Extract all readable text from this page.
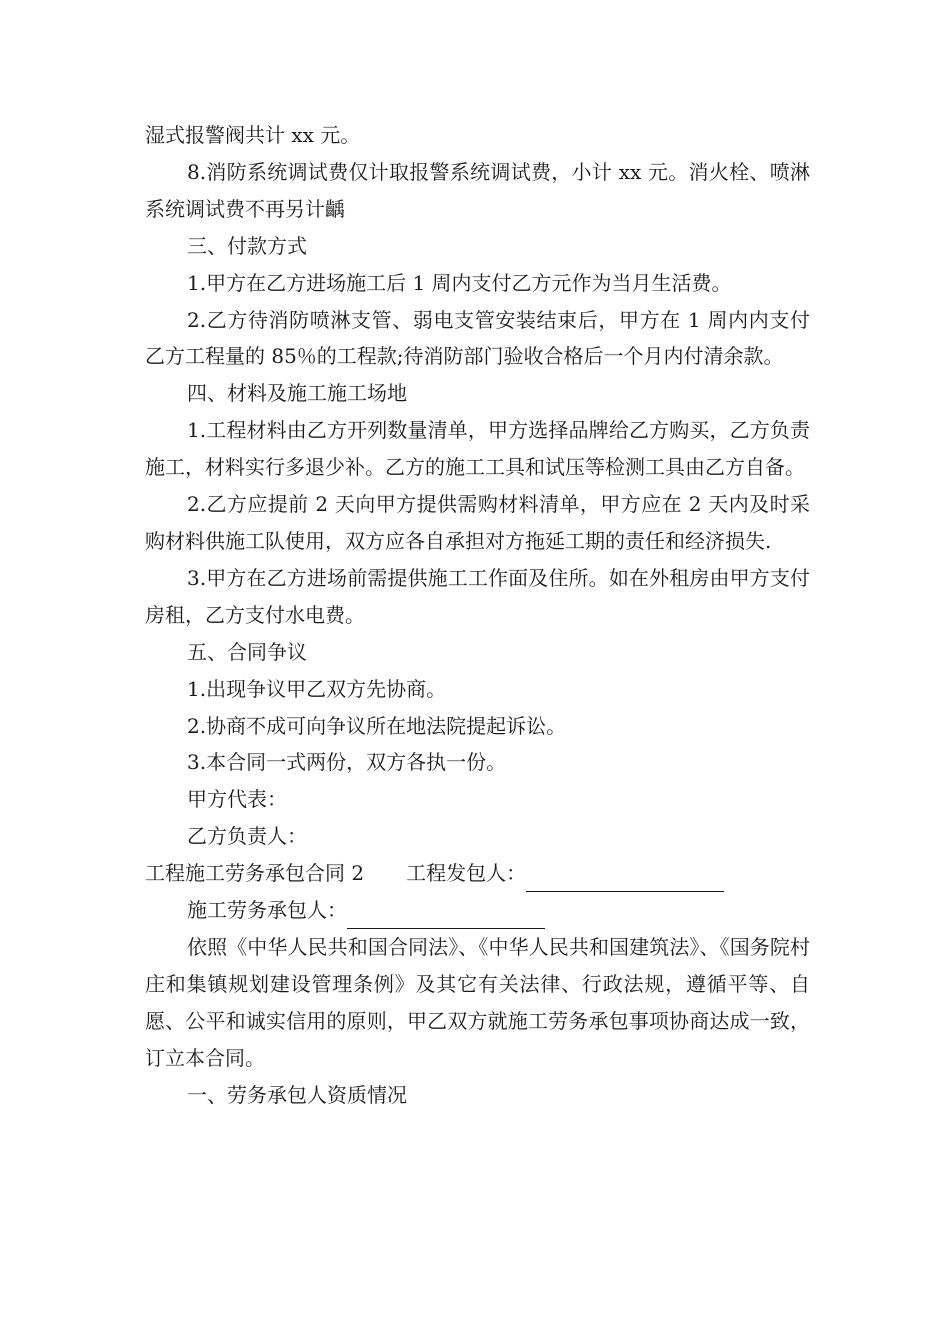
湿式报警阀共计 xx 元。

8.消防系统调试费仅计取报警系统调试费，小计 xx 元。消火栓、喷淋系统调试费不再另计齲

三、付款方式

1.甲方在乙方进场施工后 1 周内支付乙方元作为当月生活费。

2.乙方待消防喷淋支管、弱电支管安装结束后，甲方在 1 周内内支付乙方工程量的 85％的工程款;待消防部门验收合格后一个月内付清余款。

四、材料及施工施工场地

1.工程材料由乙方开列数量清单，甲方选择品牌给乙方购买，乙方负责施工，材料实行多退少补。乙方的施工工具和试压等检测工具由乙方自备。

2.乙方应提前 2 天向甲方提供需购材料清单，甲方应在 2 天内及时采购材料供施工队使用，双方应各自承担对方拖延工期的责任和经济损失.

3.甲方在乙方进场前需提供施工工作面及住所。如在外租房由甲方支付房租，乙方支付水电费。

五、合同争议

1.出现争议甲乙双方先协商。

2.协商不成可向争议所在地法院提起诉讼。

3.本合同一式两份，双方各执一份。

甲方代表：

乙方负责人：

工程施工劳务承包合同 2 工程发包人：

施工劳务承包人：

依照《中华人民共和国合同法》、《中华人民共和国建筑法》、《国务院村庄和集镇规划建设管理条例》及其它有关法律、行政法规，遵循平等、自愿、公平和诚实信用的原则，甲乙双方就施工劳务承包事项协商达成一致，订立本合同。

一、劳务承包人资质情况
